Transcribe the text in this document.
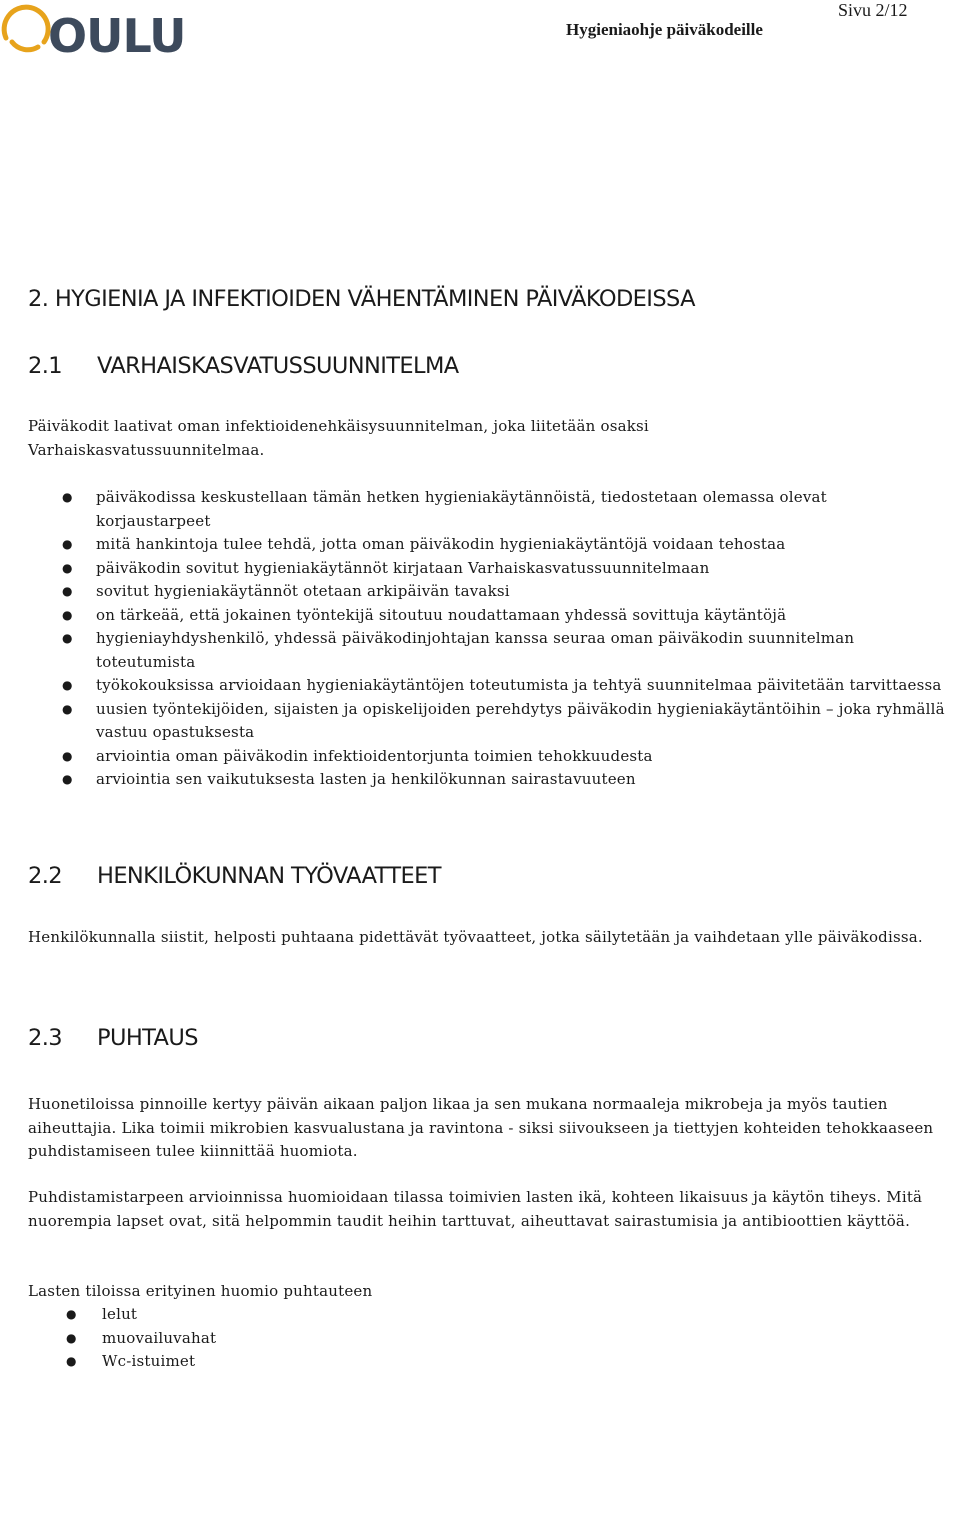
OULU	Hygieniaohje päiväkodeille
Sivu 2/12
2. HYGIENIA JA INFEKTIOIDEN VÄHENTÄMINEN PÄIVÄKODEISSA
2.1 VARHAISKASVATUSSUUNNITELMA
Päiväkodit laativat oman infektioidenehkäisysuunnitelman, joka liitetään osaksi Varhaiskasvatussuunnitelmaa.
● päiväkodissa keskustellaan tämän hetken hygieniakäytännöistä, tiedostetaan olemassa olevat korjaustarpeet
● mitä hankintoja tulee tehdä, jotta oman päiväkodin hygieniakäytäntöjä voidaan tehostaa
● päiväkodin sovitut hygieniakäytännöt kirjataan Varhaiskasvatussuunnitelmaan
● sovitut hygieniakäytännöt otetaan arkipäivän tavaksi
● on tärkeää, että jokainen työntekijä sitoutuu noudattamaan yhdessä sovittuja käytäntöjä
● hygieniayhdyshenkilö, yhdessä päiväkodinjohtajan kanssa seuraa oman päiväkodin suunnitelman toteutumista
● työkokouksissa arvioidaan hygieniakäytäntöjen toteutumista ja tehtyä suunnitelmaa päivitetään tarvittaessa
● uusien työntekijöiden, sijaisten ja opiskelijoiden perehdytys päiväkodin hygieniakäytäntöihin – joka ryhmällä vastuu opastuksesta
● arviointia oman päiväkodin infektioidentorjunta toimien tehokkuudesta
● arviointia sen vaikutuksesta lasten ja henkilökunnan sairastavuuteen
2.2 HENKILÖKUNNAN TYÖVAATTEET
Henkilökunnalla siistit, helposti puhtaana pidettävät työvaatteet, jotka säilytetään ja vaihdetaan ylle päiväkodissa.
2.3 PUHTAUS
Huonetiloissa pinnoille kertyy päivän aikaan paljon likaa ja sen mukana normaaleja mikrobeja ja myös tautien aiheuttajia. Lika toimii mikrobien kasvualustana ja ravintona - siksi siivoukseen ja tiettyjen kohteiden tehokkaaseen puhdistamiseen tulee kiinnittää huomiota.
Puhdistamistarpeen arvioinnissa huomioidaan tilassa toimivien lasten ikä, kohteen likaisuus ja käytön tiheys. Mitä nuorempia lapset ovat, sitä helpommin taudit heihin tarttuvat, aiheuttavat sairastumisia ja antibioottien käyttöä.
Lasten tiloissa erityinen huomio puhtauteen
● lelut
● muovailuvahat
● Wc-istuimet
